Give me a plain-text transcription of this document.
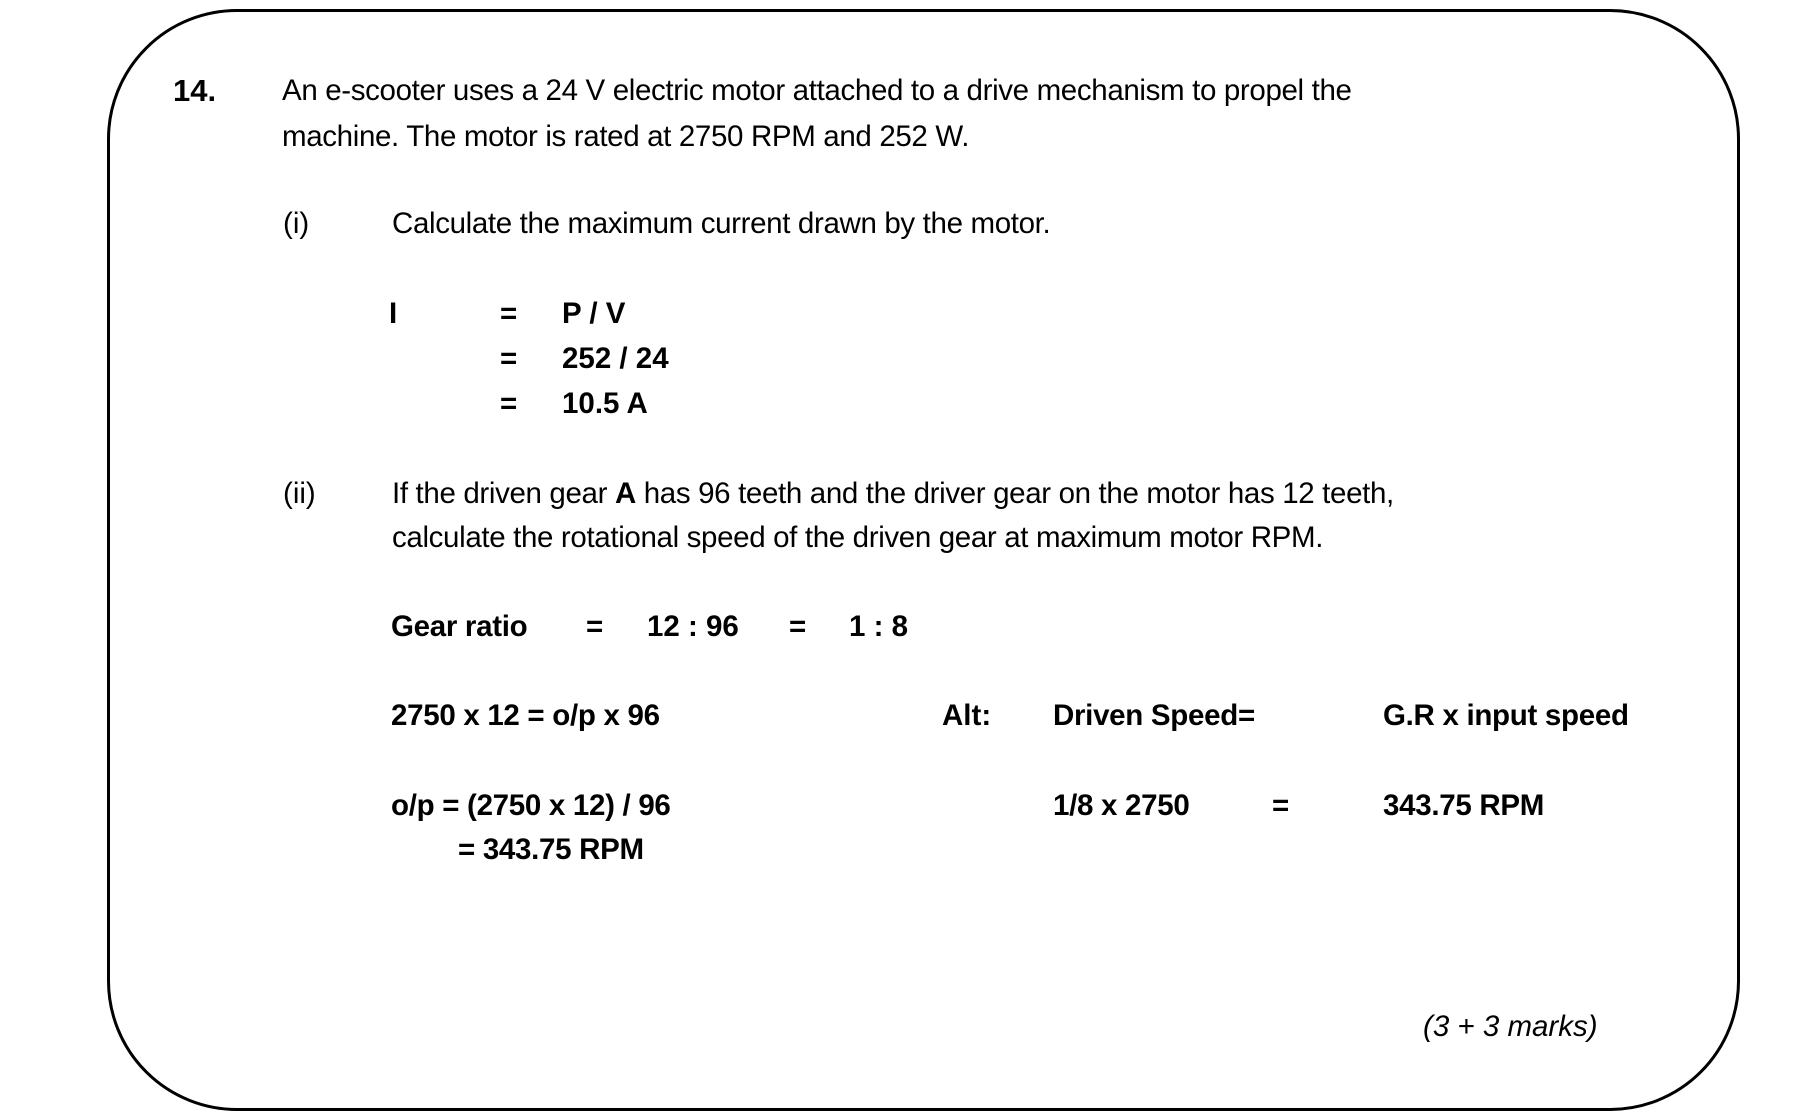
14. An e-scooter uses a 24 V electric motor attached to a drive mechanism to propel the
machine. The motor is rated at 2750 RPM and 252 W.
(i)	Calculate the maximum current drawn by the motor.
I	= P / V
= 252 / 24
= 10.5 A
(ii)	If the driven gear A has 96 teeth and the driver gear on the motor has 12 teeth,
calculate the rotational speed of the driven gear at maximum motor RPM.
Gear ratio = 12 : 96 = 1 : 8
2750 x 12 = o/p x 96
o/p = (2750 x 12) / 96
= 343.75 RPM
Alt: Driven Speed=	G.R x input speed
1/8 x 2750	=	343.75 RPM
(3 + 3 marks)
